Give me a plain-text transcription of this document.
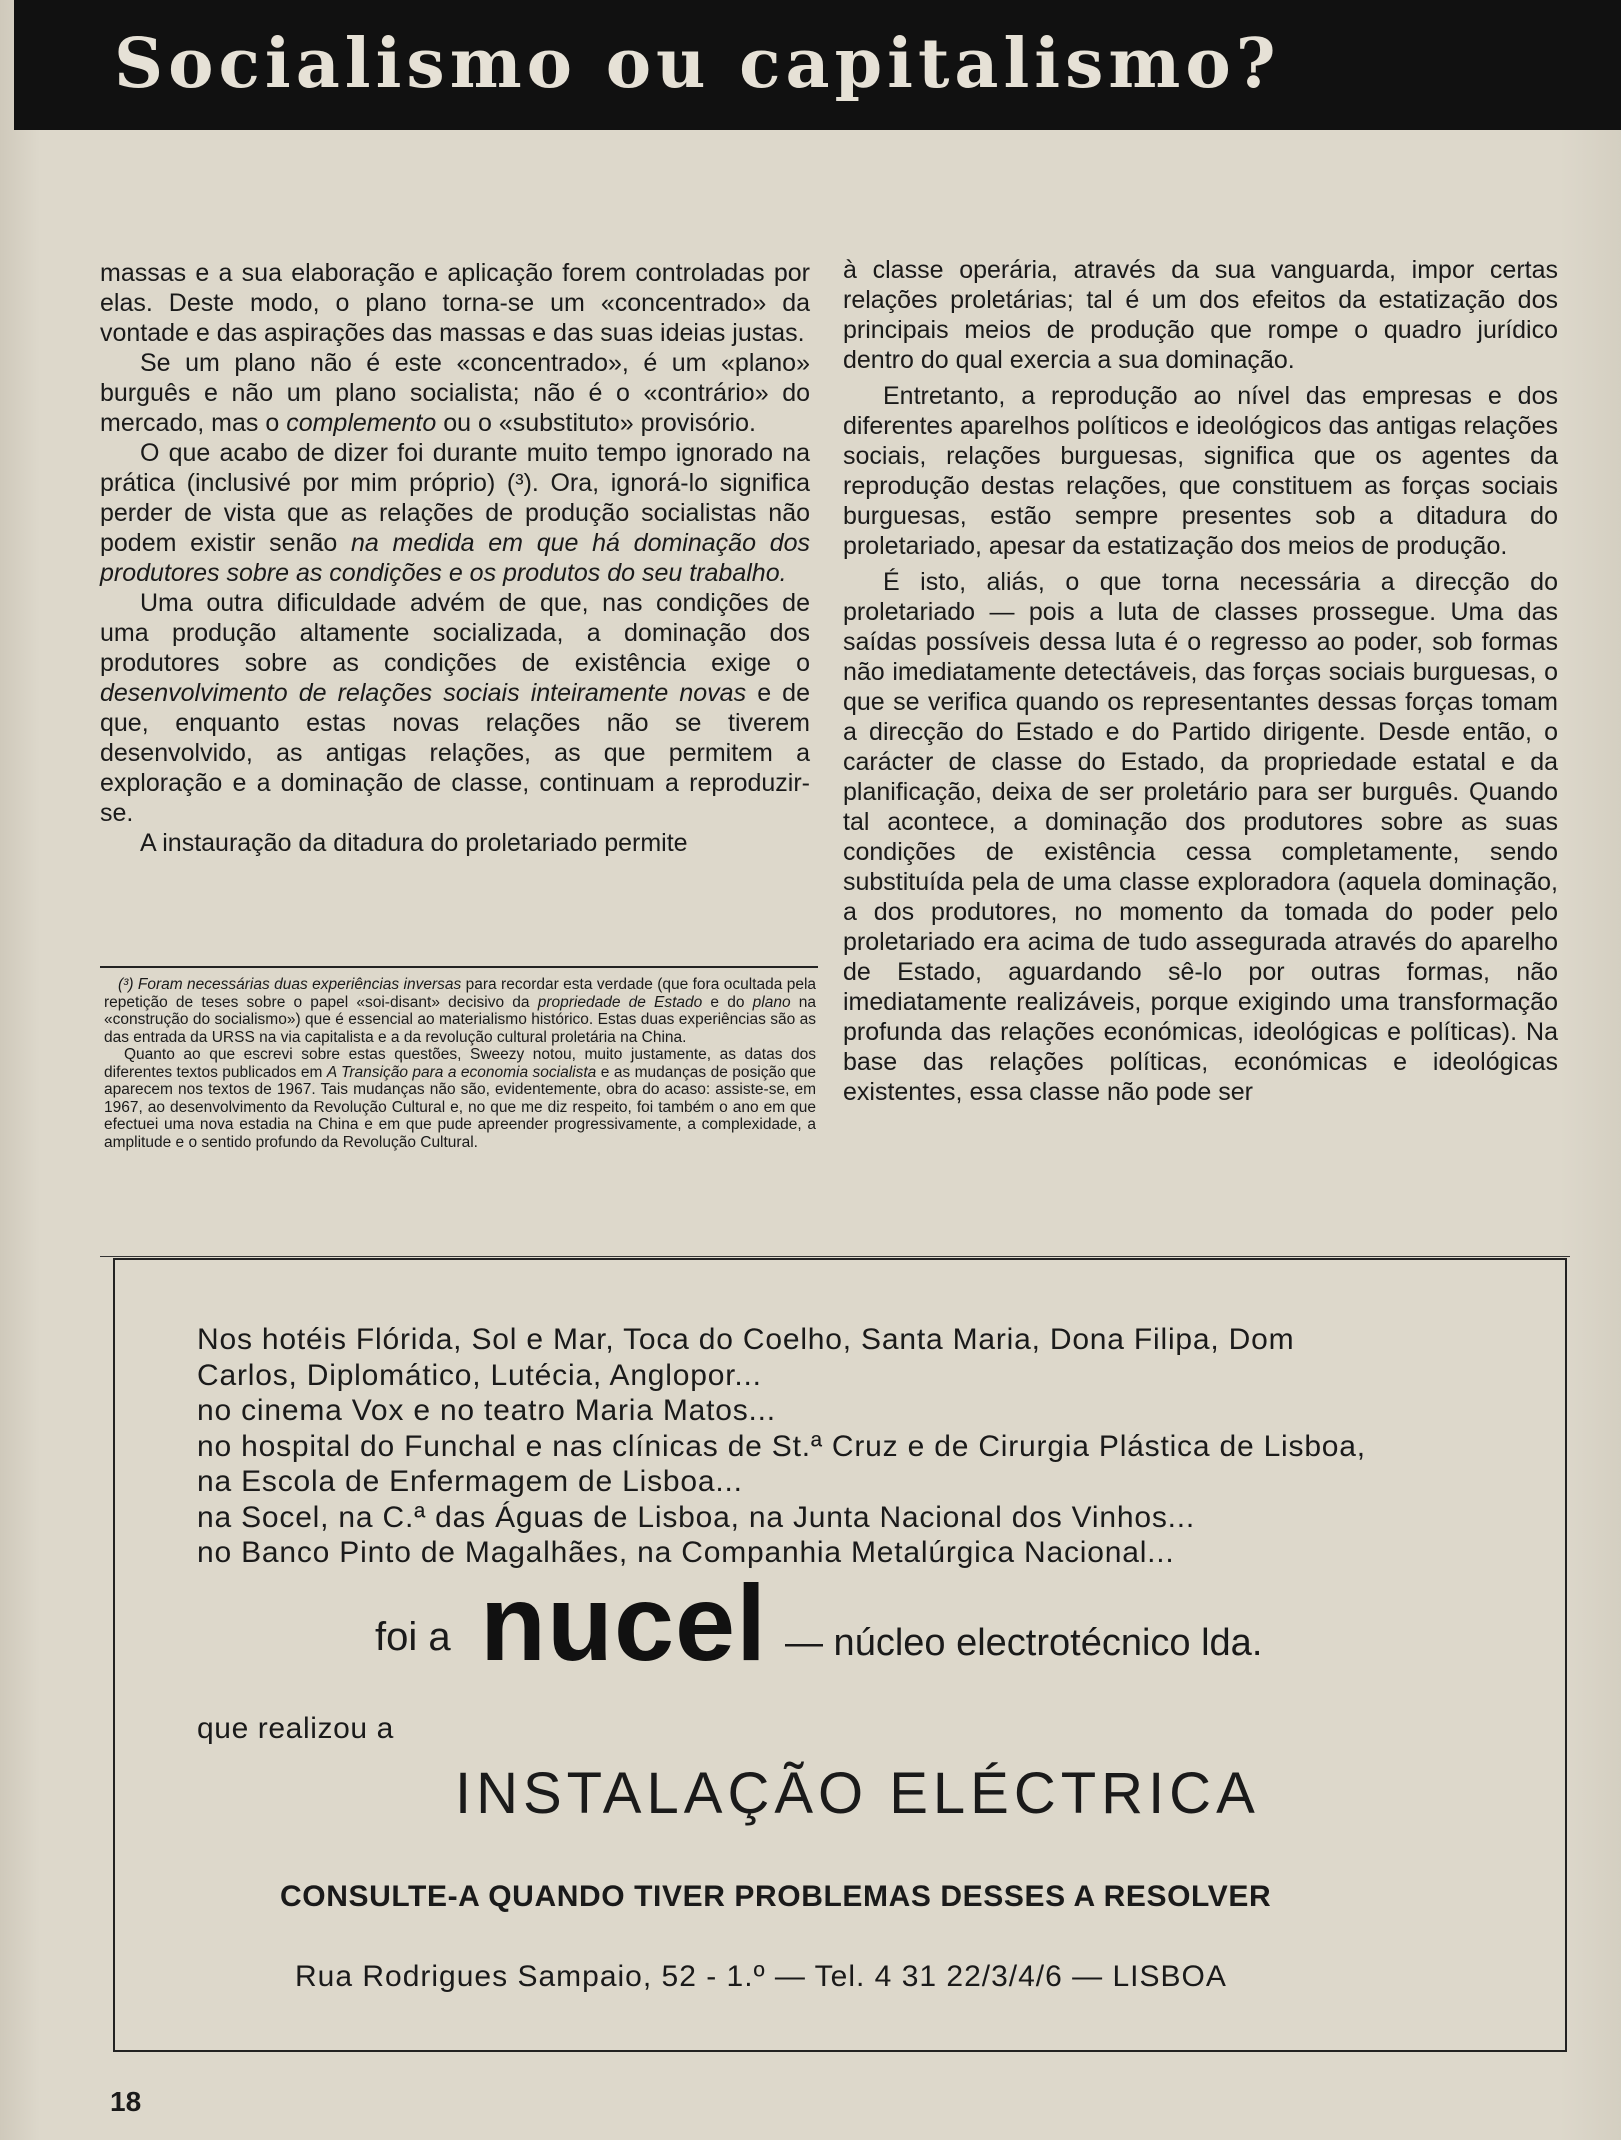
Socialismo ou capitalismo?

massas e a sua elaboração e aplicação forem controladas por elas. Deste modo, o plano torna-se um «concentrado» da vontade e das aspirações das massas e das suas ideias justas.

Se um plano não é este «concentrado», é um «plano» burguês e não um plano socialista; não é o «contrário» do mercado, mas o complemento ou o «substituto» provisório.

O que acabo de dizer foi durante muito tempo ignorado na prática (inclusivé por mim próprio) (³). Ora, ignorá-lo significa perder de vista que as relações de produção socialistas não podem existir senão na medida em que há dominação dos produtores sobre as condições e os produtos do seu trabalho.

Uma outra dificuldade advém de que, nas condições de uma produção altamente socializada, a dominação dos produtores sobre as condições de existência exige o desenvolvimento de relações sociais inteiramente novas e de que, enquanto estas novas relações não se tiverem desenvolvido, as antigas relações, as que permitem a exploração e a dominação de classe, continuam a reproduzir-se.

A instauração da ditadura do proletariado permite

(³) Foram necessárias duas experiências inversas para recordar esta verdade (que fora ocultada pela repetição de teses sobre o papel «soi-disant» decisivo da propriedade de Estado e do plano na «construção do socialismo») que é essencial ao materialismo histórico. Estas duas experiências são as das entrada da URSS na via capitalista e a da revolução cultural proletária na China.

Quanto ao que escrevi sobre estas questões, Sweezy notou, muito justamente, as datas dos diferentes textos publicados em A Transição para a economia socialista e as mudanças de posição que aparecem nos textos de 1967. Tais mudanças não são, evidentemente, obra do acaso: assiste-se, em 1967, ao desenvolvimento da Revolução Cultural e, no que me diz respeito, foi também o ano em que efectuei uma nova estadia na China e em que pude apreender progressivamente, a complexidade, a amplitude e o sentido profundo da Revolução Cultural.

à classe operária, através da sua vanguarda, impor certas relações proletárias; tal é um dos efeitos da estatização dos principais meios de produção que rompe o quadro jurídico dentro do qual exercia a sua dominação.

Entretanto, a reprodução ao nível das empresas e dos diferentes aparelhos políticos e ideológicos das antigas relações sociais, relações burguesas, significa que os agentes da reprodução destas relações, que constituem as forças sociais burguesas, estão sempre presentes sob a ditadura do proletariado, apesar da estatização dos meios de produção.

É isto, aliás, o que torna necessária a direcção do proletariado — pois a luta de classes prossegue. Uma das saídas possíveis dessa luta é o regresso ao poder, sob formas não imediatamente detectáveis, das forças sociais burguesas, o que se verifica quando os representantes dessas forças tomam a direcção do Estado e do Partido dirigente. Desde então, o carácter de classe do Estado, da propriedade estatal e da planificação, deixa de ser proletário para ser burguês. Quando tal acontece, a dominação dos produtores sobre as suas condições de existência cessa completamente, sendo substituída pela de uma classe exploradora (aquela dominação, a dos produtores, no momento da tomada do poder pelo proletariado era acima de tudo assegurada através do aparelho de Estado, aguardando sê-lo por outras formas, não imediatamente realizáveis, porque exigindo uma transformação profunda das relações económicas, ideológicas e políticas). Na base das relações políticas, económicas e ideológicas existentes, essa classe não pode ser

Nos hotéis Flórida, Sol e Mar, Toca do Coelho, Santa Maria, Dona Filipa, Dom
Carlos, Diplomático, Lutécia, Anglopor...
no cinema Vox e no teatro Maria Matos...
no hospital do Funchal e nas clínicas de St.ª Cruz e de Cirurgia Plástica de Lisboa,
na Escola de Enfermagem de Lisboa...
na Socel, na C.ª das Águas de Lisboa, na Junta Nacional dos Vinhos...
no Banco Pinto de Magalhães, na Companhia Metalúrgica Nacional...
foi a nucel — núcleo electrotécnico lda.
que realizou a
INSTALAÇÃO ELÉCTRICA
CONSULTE-A QUANDO TIVER PROBLEMAS DESSES A RESOLVER
Rua Rodrigues Sampaio, 52 - 1.º — Tel. 4 31 22/3/4/6 — LISBOA
18
